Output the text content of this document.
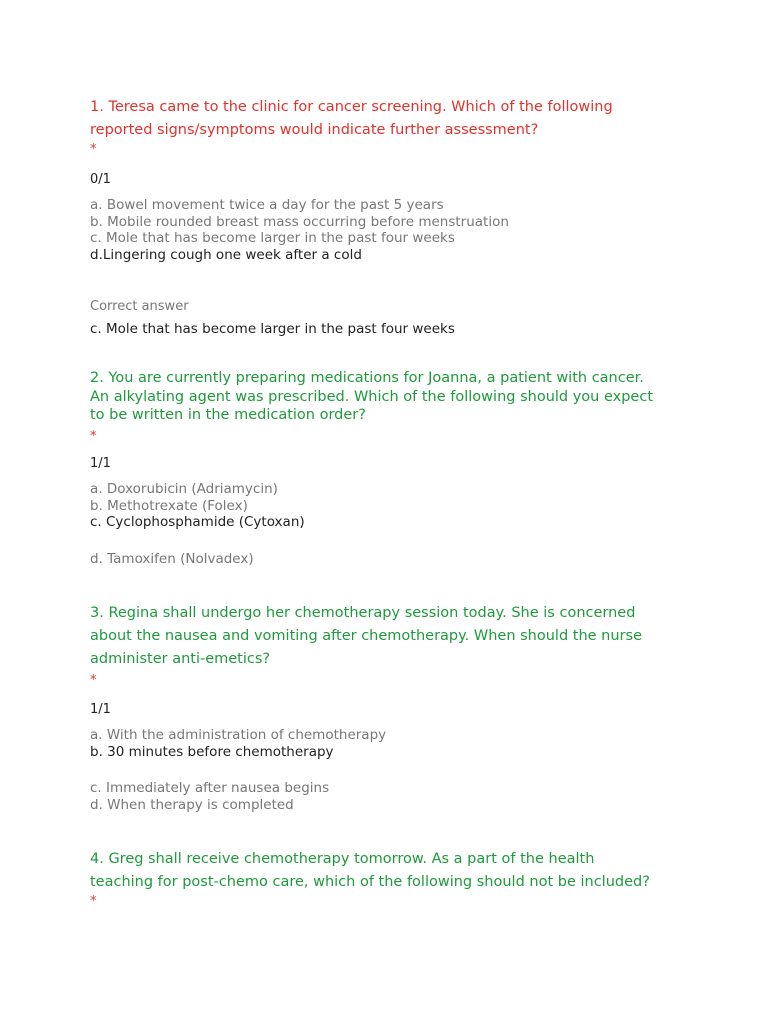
1. Teresa came to the clinic for cancer screening. Which of the following
reported signs/symptoms would indicate further assessment?

*

0/1

a. Bowel movement twice a day for the past 5 years

b. Mobile rounded breast mass occurring before menstruation

c. Mole that has become larger in the past four weeks

d.Lingering cough one week after a cold

Correct answer

c. Mole that has become larger in the past four weeks

2. You are currently preparing medications for Joanna, a patient with cancer.
An alkylating agent was prescribed. Which of the following should you expect
to be written in the medication order?

*

1/1

a. Doxorubicin (Adriamycin)

b. Methotrexate (Folex)

c. Cyclophosphamide (Cytoxan)

d. Tamoxifen (Nolvadex)

3. Regina shall undergo her chemotherapy session today. She is concerned
about the nausea and vomiting after chemotherapy. When should the nurse
administer anti-emetics?

*

1/1

a. With the administration of chemotherapy

b. 30 minutes before chemotherapy

c. Immediately after nausea begins

d. When therapy is completed

4. Greg shall receive chemotherapy tomorrow. As a part of the health
teaching for post-chemo care, which of the following should not be included?

*
